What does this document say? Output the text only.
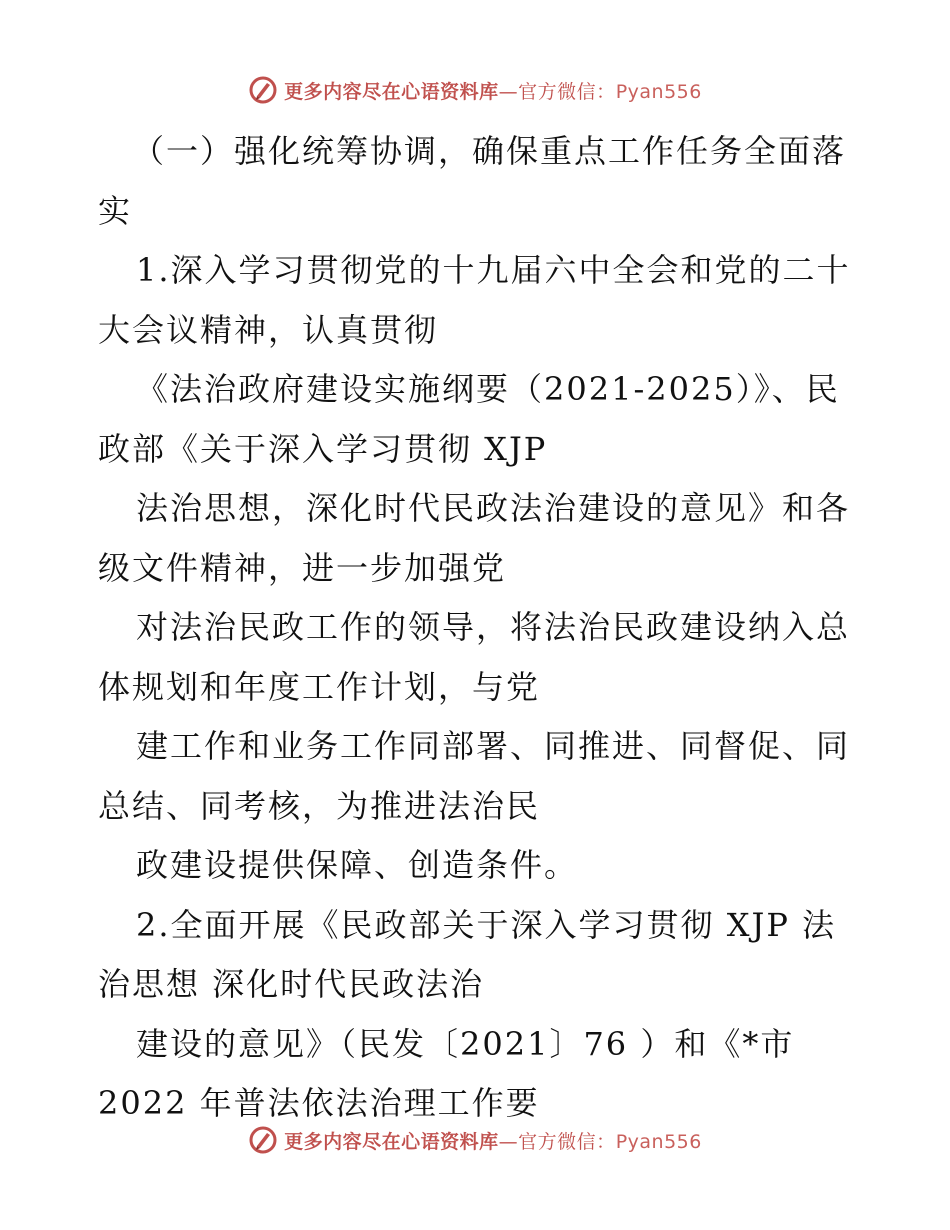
更多内容尽在心语资料库—官方微信：Pyan556
（一）强化统筹协调，确保重点工作任务全面落
实
1.深入学习贯彻党的十九届六中全会和党的二十
大会议精神，认真贯彻
《法治政府建设实施纲要（2021-2025）》、民
政部《关于深入学习贯彻 XJP
法治思想，深化时代民政法治建设的意见》和各
级文件精神，进一步加强党
对法治民政工作的领导，将法治民政建设纳入总
体规划和年度工作计划，与党
建工作和业务工作同部署、同推进、同督促、同
总结、同考核，为推进法治民
政建设提供保障、创造条件。
2.全面开展《民政部关于深入学习贯彻 XJP 法
治思想 深化时代民政法治
建设的意见》（民发〔2021〕76 ）和《*市
2022 年普法依法治理工作要
更多内容尽在心语资料库—官方微信：Pyan556
